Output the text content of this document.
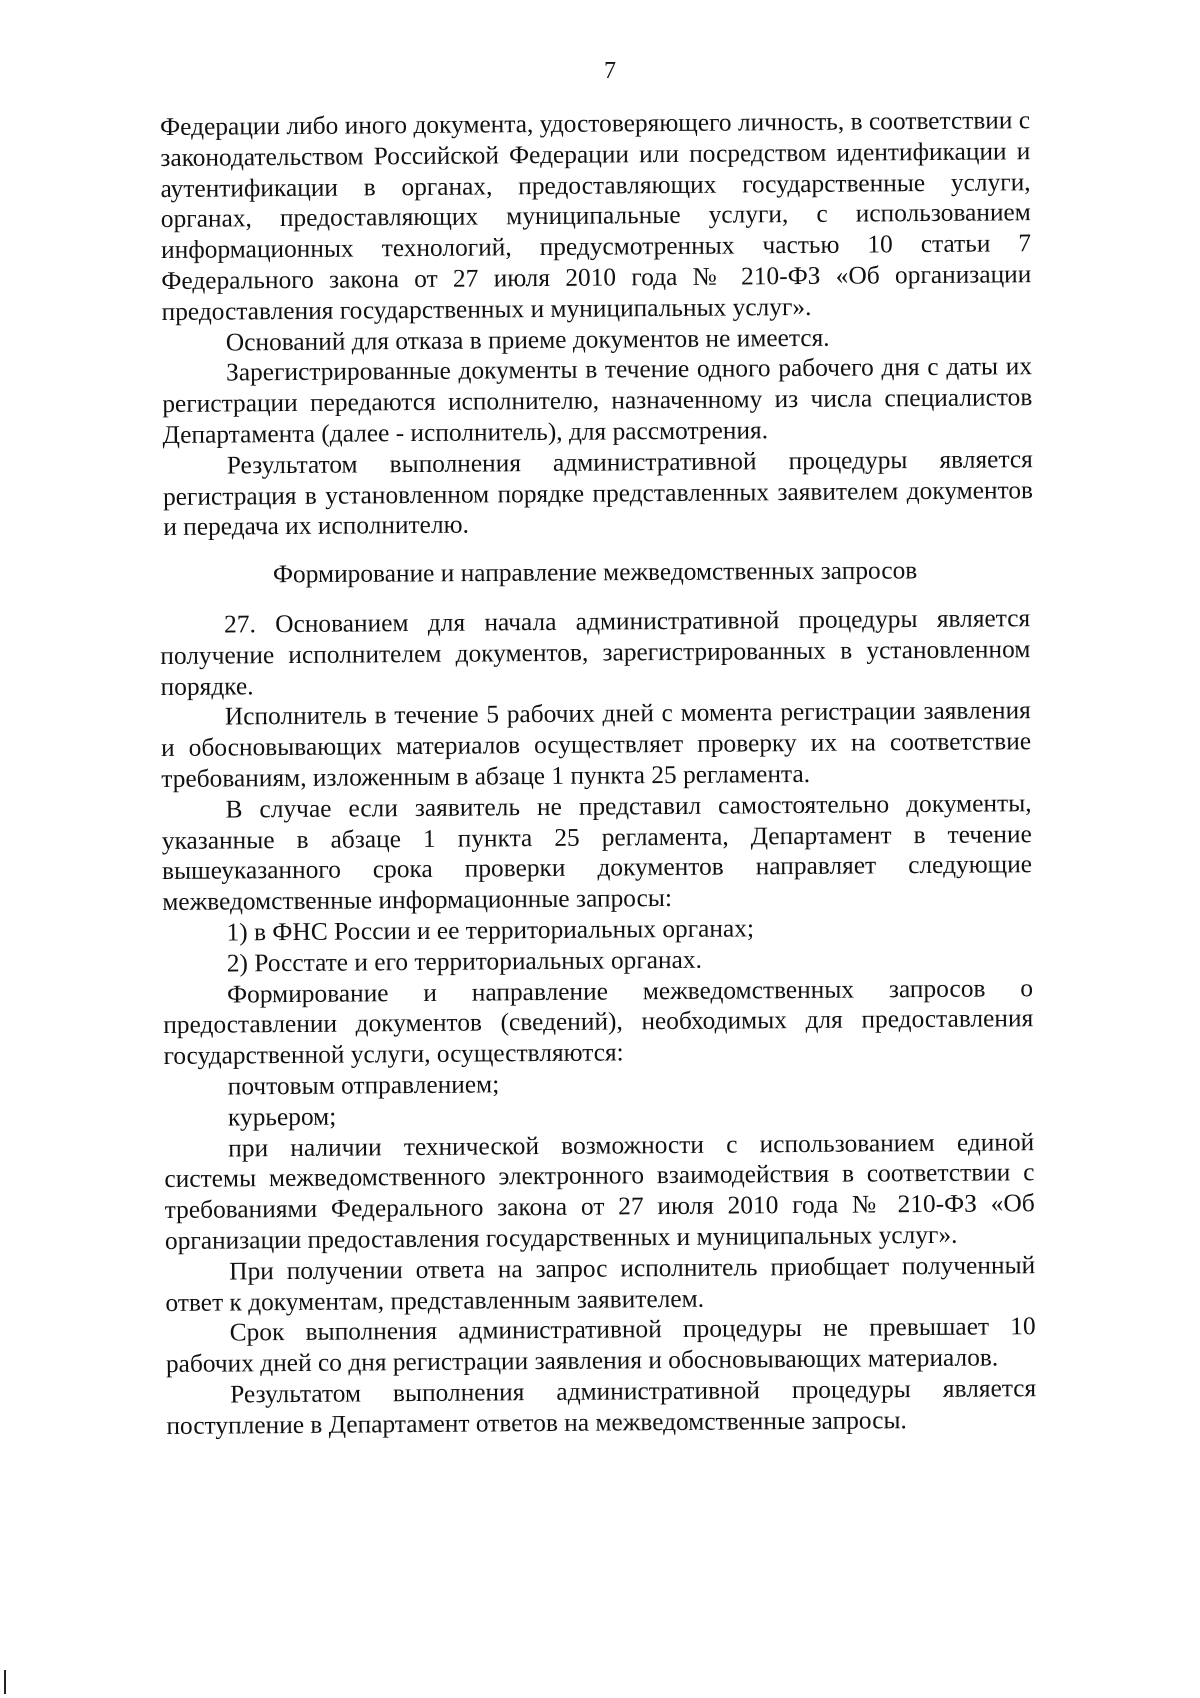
7

Федерации либо иного документа, удостоверяющего личность, в соответствии с законодательством Российской Федерации или посредством идентификации и аутентификации в органах, предоставляющих государственные услуги, органах, предоставляющих муниципальные услуги, с использованием информационных технологий, предусмотренных частью 10 статьи 7 Федерального закона от 27 июля 2010 года № 210-ФЗ «Об организации предоставления государственных и муниципальных услуг».

Оснований для отказа в приеме документов не имеется.

Зарегистрированные документы в течение одного рабочего дня с даты их регистрации передаются исполнителю, назначенному из числа специалистов Департамента (далее - исполнитель), для рассмотрения.

Результатом выполнения административной процедуры является регистрация в установленном порядке представленных заявителем документов и передача их исполнителю.

Формирование и направление межведомственных запросов

27. Основанием для начала административной процедуры является получение исполнителем документов, зарегистрированных в установленном порядке.

Исполнитель в течение 5 рабочих дней с момента регистрации заявления и обосновывающих материалов осуществляет проверку их на соответствие требованиям, изложенным в абзаце 1 пункта 25 регламента.

В случае если заявитель не представил самостоятельно документы, указанные в абзаце 1 пункта 25 регламента, Департамент в течение вышеуказанного срока проверки документов направляет следующие межведомственные информационные запросы:

1) в ФНС России и ее территориальных органах;

2) Росстате и его территориальных органах.

Формирование и направление межведомственных запросов о предоставлении документов (сведений), необходимых для предоставления государственной услуги, осуществляются:

почтовым отправлением;

курьером;

при наличии технической возможности с использованием единой системы межведомственного электронного взаимодействия в соответствии с требованиями Федерального закона от 27 июля 2010 года № 210-ФЗ «Об организации предоставления государственных и муниципальных услуг».

При получении ответа на запрос исполнитель приобщает полученный ответ к документам, представленным заявителем.

Срок выполнения административной процедуры не превышает 10 рабочих дней со дня регистрации заявления и обосновывающих материалов.

Результатом выполнения административной процедуры является поступление в Департамент ответов на межведомственные запросы.
